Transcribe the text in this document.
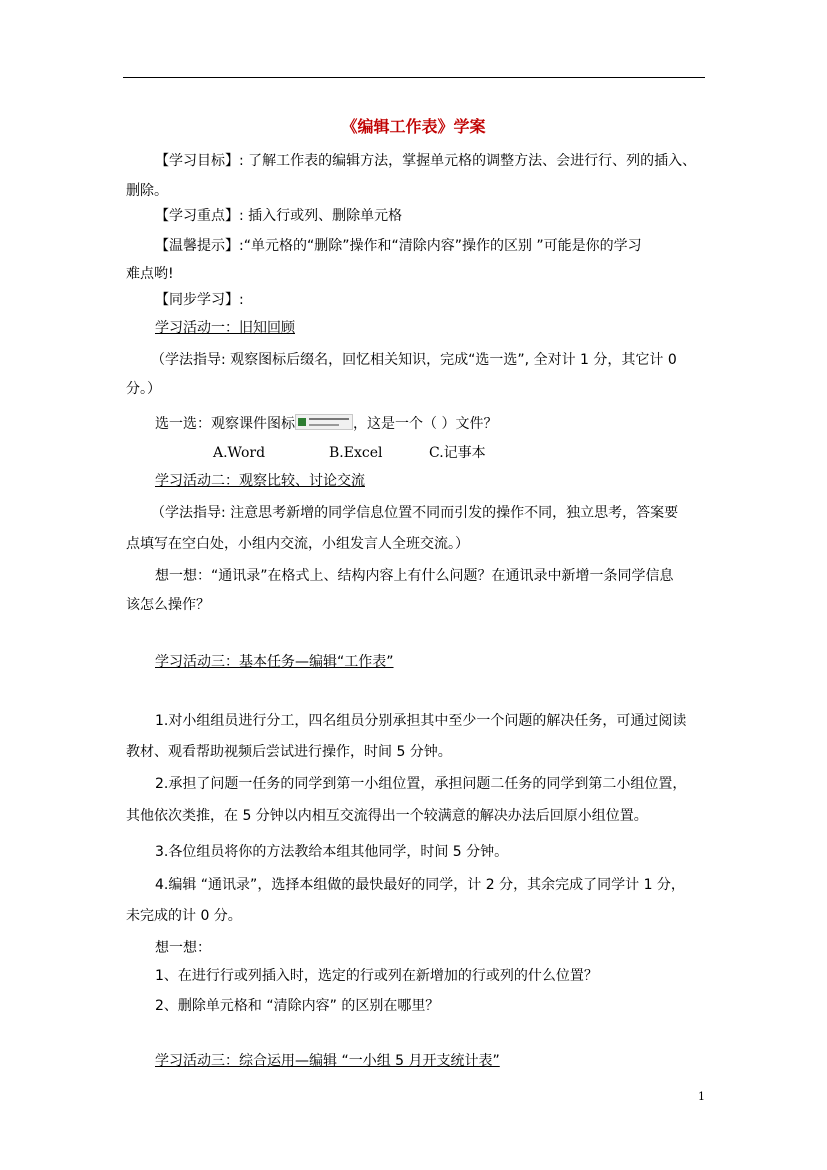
《编辑工作表》学案
【学习目标】: 了解工作表的编辑方法，掌握单元格的调整方法、会进行行、列的插入、
删除。
【学习重点】: 插入行或列、删除单元格
【温馨提示】:“单元格的“删除”操作和“清除内容”操作的区别 ”可能是你的学习
难点哟!
【同步学习】:
学习活动一：旧知回顾
（学法指导: 观察图标后缀名，回忆相关知识，完成“选一选”, 全对计 1 分，其它计 0
分。）
选一选：观察课件图标	，这是一个（ ）文件？
A.Word	B.Excel	C.记事本
学习活动二：观察比较、讨论交流
（学法指导: 注意思考新增的同学信息位置不同而引发的操作不同，独立思考，答案要
点填写在空白处，小组内交流，小组发言人全班交流。）
想一想：“通讯录”在格式上、结构内容上有什么问题？在通讯录中新增一条同学信息
该怎么操作？
学习活动三：基本任务—编辑“工作表”
1.对小组组员进行分工，四名组员分别承担其中至少一个问题的解决任务，可通过阅读
教材、观看帮助视频后尝试进行操作，时间 5 分钟。
2.承担了问题一任务的同学到第一小组位置，承担问题二任务的同学到第二小组位置，
其他依次类推，在 5 分钟以内相互交流得出一个较满意的解决办法后回原小组位置。
3.各位组员将你的方法教给本组其他同学，时间 5 分钟。
4.编辑 “通讯录”，选择本组做的最快最好的同学，计 2 分，其余完成了同学计 1 分，
未完成的计 0 分。
想一想：
1、在进行行或列插入时，选定的行或列在新增加的行或列的什么位置？
2、删除单元格和 “清除内容” 的区别在哪里？
学习活动三：综合运用—编辑 “一小组 5 月开支统计表”
1
